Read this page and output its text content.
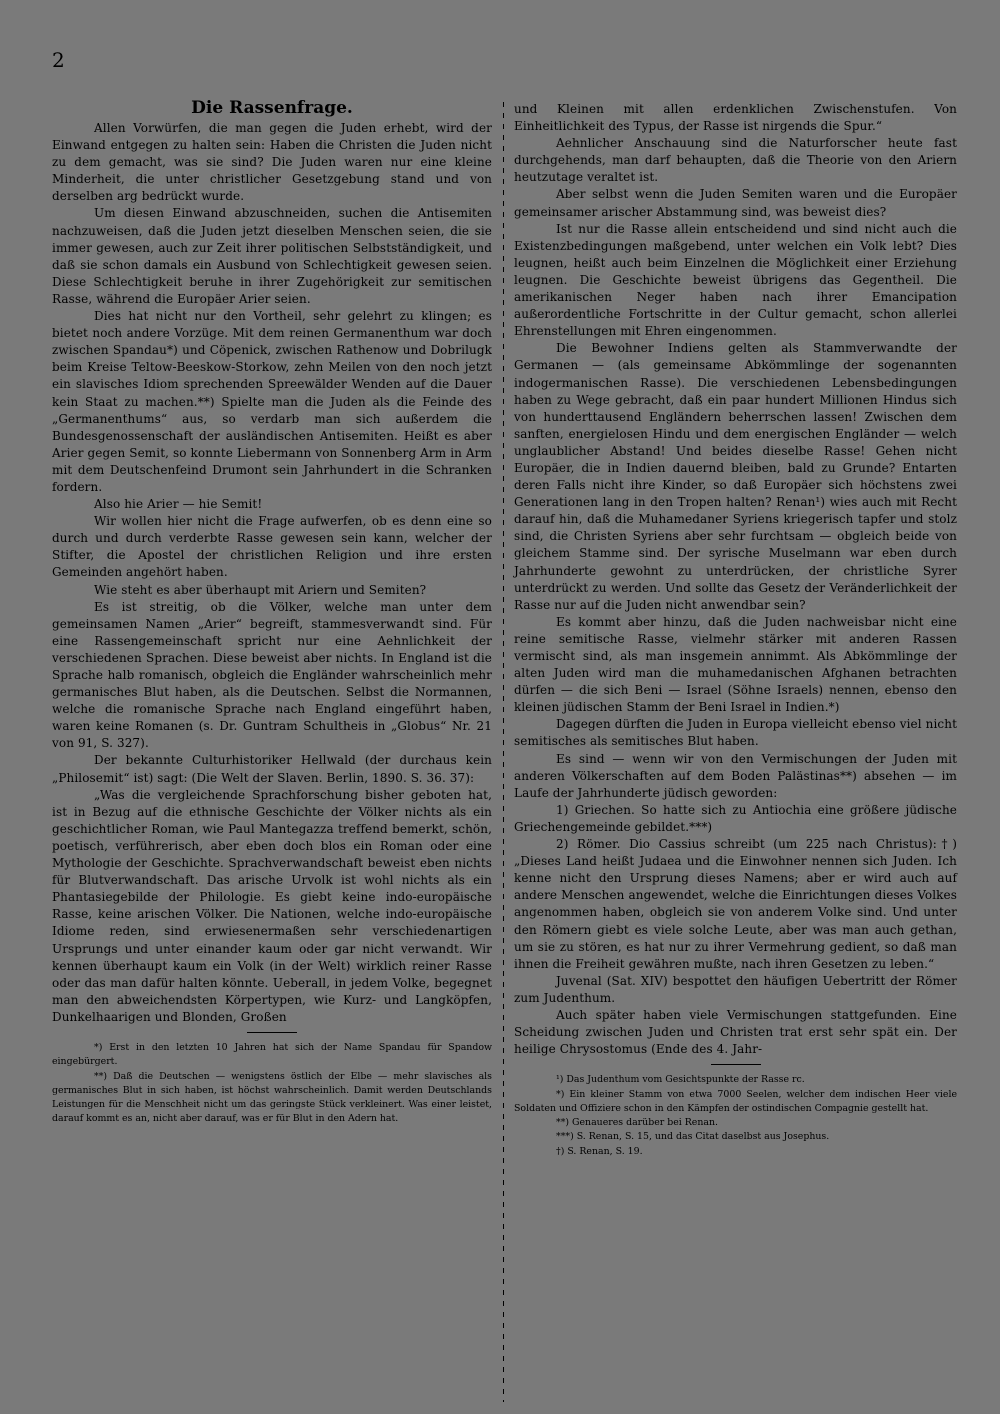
2
Die Rassenfrage.

Allen Vorwürfen, die man gegen die Juden erhebt, wird der Einwand entgegen zu halten sein: Haben die Christen die Juden nicht zu dem gemacht, was sie sind? Die Juden waren nur eine kleine Minderheit, die unter christlicher Gesetzgebung stand und von derselben arg bedrückt wurde.

Um diesen Einwand abzuschneiden, suchen die Antisemiten nachzuweisen, daß die Juden jetzt dieselben Menschen seien, die sie immer gewesen, auch zur Zeit ihrer politischen Selbstständigkeit, und daß sie schon damals ein Ausbund von Schlechtigkeit gewesen seien. Diese Schlechtigkeit beruhe in ihrer Zugehörigkeit zur semitischen Rasse, während die Europäer Arier seien.

Dies hat nicht nur den Vortheil, sehr gelehrt zu klingen; es bietet noch andere Vorzüge. Mit dem reinen Germanenthum war doch zwischen Spandau*) und Cöpenick, zwischen Rathenow und Dobrilugk beim Kreise Teltow-Beeskow-Storkow, zehn Meilen von den noch jetzt ein slavisches Idiom sprechenden Spreewälder Wenden auf die Dauer kein Staat zu machen.**) Spielte man die Juden als die Feinde des „Germanenthums“ aus, so verdarb man sich außerdem die Bundesgenossenschaft der ausländischen Antisemiten. Heißt es aber Arier gegen Semit, so konnte Liebermann von Sonnenberg Arm in Arm mit dem Deutschenfeind Drumont sein Jahrhundert in die Schranken fordern.

Also hie Arier — hie Semit!

Wir wollen hier nicht die Frage aufwerfen, ob es denn eine so durch und durch verderbte Rasse gewesen sein kann, welcher der Stifter, die Apostel der christlichen Religion und ihre ersten Gemeinden angehört haben.

Wie steht es aber überhaupt mit Ariern und Semiten?

Es ist streitig, ob die Völker, welche man unter dem gemeinsamen Namen „Arier“ begreift, stammesverwandt sind. Für eine Rassengemeinschaft spricht nur eine Aehnlichkeit der verschiedenen Sprachen. Diese beweist aber nichts. In England ist die Sprache halb romanisch, obgleich die Engländer wahrscheinlich mehr germanisches Blut haben, als die Deutschen. Selbst die Normannen, welche die romanische Sprache nach England eingeführt haben, waren keine Romanen (s. Dr. Guntram Schultheis in „Globus“ Nr. 21 von 91, S. 327).

Der bekannte Culturhistoriker Hellwald (der durchaus kein „Philosemit“ ist) sagt: (Die Welt der Slaven. Berlin, 1890. S. 36. 37):

„Was die vergleichende Sprachforschung bisher geboten hat, ist in Bezug auf die ethnische Geschichte der Völker nichts als ein geschichtlicher Roman, wie Paul Mantegazza treffend bemerkt, schön, poetisch, verführerisch, aber eben doch blos ein Roman oder eine Mythologie der Geschichte. Sprachverwandschaft beweist eben nichts für Blutverwandschaft. Das arische Urvolk ist wohl nichts als ein Phantasiegebilde der Philologie. Es giebt keine indo-europäische Rasse, keine arischen Völker. Die Nationen, welche indo-europäische Idiome reden, sind erwiesenermaßen sehr verschiedenartigen Ursprungs und unter einander kaum oder gar nicht verwandt. Wir kennen überhaupt kaum ein Volk (in der Welt) wirklich reiner Rasse oder das man dafür halten könnte. Ueberall, in jedem Volke, begegnet man den abweichendsten Körpertypen, wie Kurz- und Langköpfen, Dunkelhaarigen und Blonden, Großen

*) Erst in den letzten 10 Jahren hat sich der Name Spandau für Spandow eingebürgert.

**) Daß die Deutschen — wenigstens östlich der Elbe — mehr slavisches als germanisches Blut in sich haben, ist höchst wahrscheinlich. Damit werden Deutschlands Leistungen für die Menschheit nicht um das geringste Stück verkleinert. Was einer leistet, darauf kommt es an, nicht aber darauf, was er für Blut in den Adern hat.

und Kleinen mit allen erdenklichen Zwischenstufen. Von Einheitlichkeit des Typus, der Rasse ist nirgends die Spur.“

Aehnlicher Anschauung sind die Naturforscher heute fast durchgehends, man darf behaupten, daß die Theorie von den Ariern heutzutage veraltet ist.

Aber selbst wenn die Juden Semiten waren und die Europäer gemeinsamer arischer Abstammung sind, was beweist dies?

Ist nur die Rasse allein entscheidend und sind nicht auch die Existenzbedingungen maßgebend, unter welchen ein Volk lebt? Dies leugnen, heißt auch beim Einzelnen die Möglichkeit einer Erziehung leugnen. Die Geschichte beweist übrigens das Gegentheil. Die amerikanischen Neger haben nach ihrer Emancipation außerordentliche Fortschritte in der Cultur gemacht, schon allerlei Ehrenstellungen mit Ehren eingenommen.

Die Bewohner Indiens gelten als Stammverwandte der Germanen — (als gemeinsame Abkömmlinge der sogenannten indogermanischen Rasse). Die verschiedenen Lebensbedingungen haben zu Wege gebracht, daß ein paar hundert Millionen Hindus sich von hunderttausend Engländern beherrschen lassen! Zwischen dem sanften, energielosen Hindu und dem energischen Engländer — welch unglaublicher Abstand! Und beides dieselbe Rasse! Gehen nicht Europäer, die in Indien dauernd bleiben, bald zu Grunde? Entarten deren Falls nicht ihre Kinder, so daß Europäer sich höchstens zwei Generationen lang in den Tropen halten? Renan¹) wies auch mit Recht darauf hin, daß die Muhamedaner Syriens kriegerisch tapfer und stolz sind, die Christen Syriens aber sehr furchtsam — obgleich beide von gleichem Stamme sind. Der syrische Muselmann war eben durch Jahrhunderte gewohnt zu unterdrücken, der christliche Syrer unterdrückt zu werden. Und sollte das Gesetz der Veränderlichkeit der Rasse nur auf die Juden nicht anwendbar sein?

Es kommt aber hinzu, daß die Juden nachweisbar nicht eine reine semitische Rasse, vielmehr stärker mit anderen Rassen vermischt sind, als man insgemein annimmt. Als Abkömmlinge der alten Juden wird man die muhamedanischen Afghanen betrachten dürfen — die sich Beni — Israel (Söhne Israels) nennen, ebenso den kleinen jüdischen Stamm der Beni Israel in Indien.*)

Dagegen dürften die Juden in Europa vielleicht ebenso viel nicht semitisches als semitisches Blut haben.

Es sind — wenn wir von den Vermischungen der Juden mit anderen Völkerschaften auf dem Boden Palästinas**) absehen — im Laufe der Jahrhunderte jüdisch geworden:

1) Griechen. So hatte sich zu Antiochia eine größere jüdische Griechengemeinde gebildet.***)

2) Römer. Dio Cassius schreibt (um 225 nach Christus):†) „Dieses Land heißt Judaea und die Einwohner nennen sich Juden. Ich kenne nicht den Ursprung dieses Namens; aber er wird auch auf andere Menschen angewendet, welche die Einrichtungen dieses Volkes angenommen haben, obgleich sie von anderem Volke sind. Und unter den Römern giebt es viele solche Leute, aber was man auch gethan, um sie zu stören, es hat nur zu ihrer Vermehrung gedient, so daß man ihnen die Freiheit gewähren mußte, nach ihren Gesetzen zu leben.“

Juvenal (Sat. XIV) bespottet den häufigen Uebertritt der Römer zum Judenthum.

Auch später haben viele Vermischungen stattgefunden. Eine Scheidung zwischen Juden und Christen trat erst sehr spät ein. Der heilige Chrysostomus (Ende des 4. Jahr-

¹) Das Judenthum vom Gesichtspunkte der Rasse rc.

*) Ein kleiner Stamm von etwa 7000 Seelen, welcher dem indischen Heer viele Soldaten und Offiziere schon in den Kämpfen der ostindischen Compagnie gestellt hat.

**) Genaueres darüber bei Renan.

***) S. Renan, S. 15, und das Citat daselbst aus Josephus.

†) S. Renan, S. 19.
